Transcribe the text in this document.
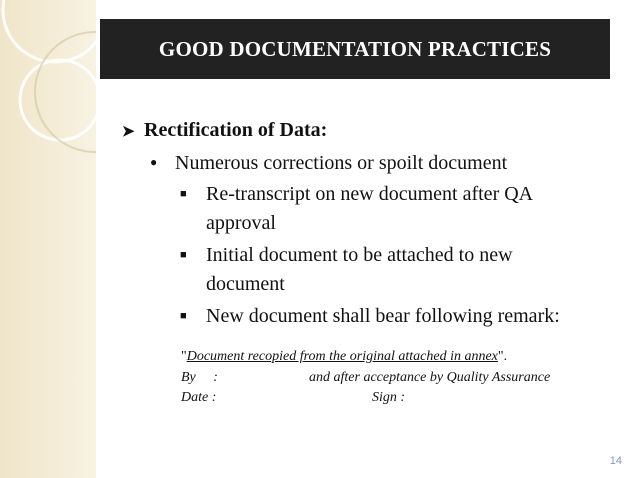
GOOD DOCUMENTATION PRACTICES
➤ Rectification of Data:
● Numerous corrections or spoilt document
■ Re-transcript on new document after QA
approval
■ Initial document to be attached to new
document
■ New document shall bear following remark:
"Document recopied from the original attached in annex".
By     :	and after acceptance by Quality Assurance
Date :	Sign :
14
